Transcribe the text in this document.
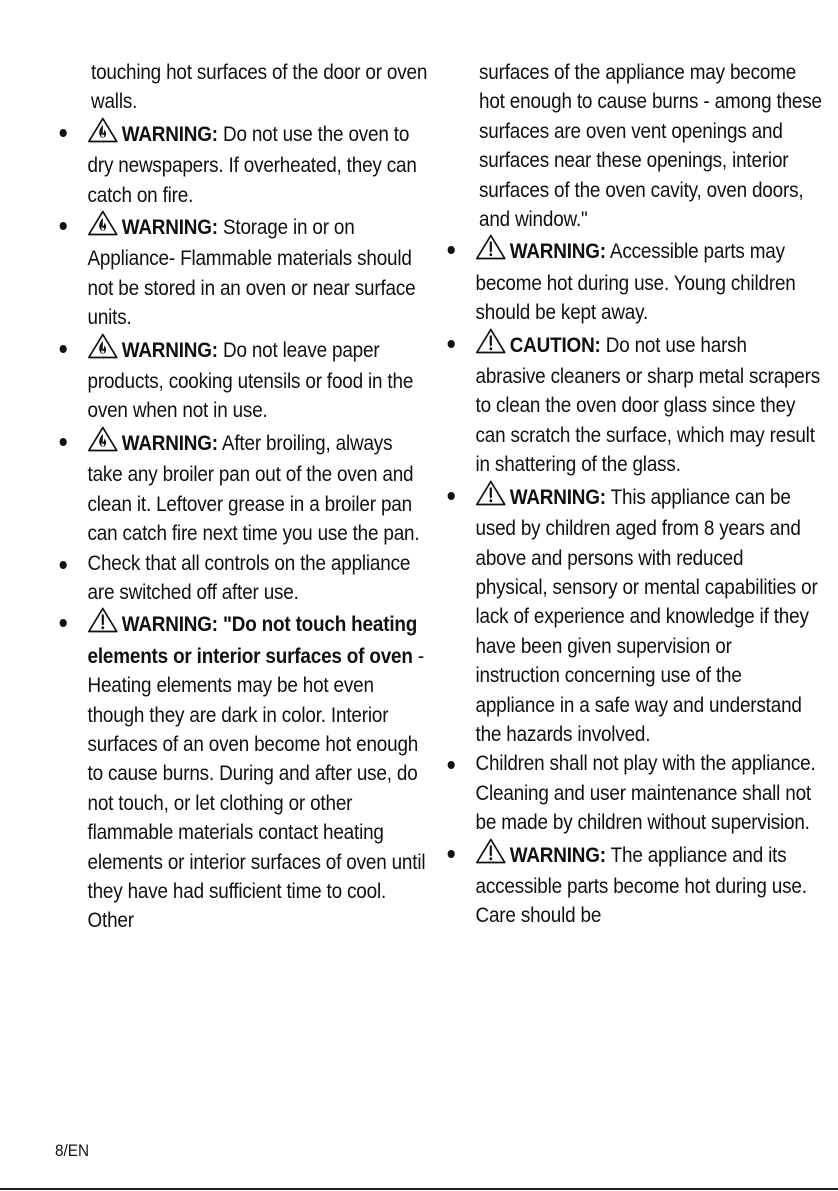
touching hot surfaces of the door or oven walls.
WARNING: Do not use the oven to dry newspapers. If overheated, they can catch on fire.
WARNING: Storage in or on Appliance- Flammable materials should not be stored in an oven or near surface units.
WARNING: Do not leave paper products, cooking utensils or food in the oven when not in use.
WARNING: After broiling, always take any broiler pan out of the oven and clean it. Leftover grease in a broiler pan can catch fire next time you use the pan.
Check that all controls on the appliance are switched off after use.
WARNING: "Do not touch heating elements or interior surfaces of oven - Heating elements may be hot even though they are dark in color. Interior surfaces of an oven become hot enough to cause burns. During and after use, do not touch, or let clothing or other flammable materials contact heating elements or interior surfaces of oven until they have had sufficient time to cool. Other
surfaces of the appliance may become hot enough to cause burns - among these surfaces are oven vent openings and surfaces near these openings, interior surfaces of the oven cavity, oven doors, and window."
WARNING: Accessible parts may become hot during use. Young children should be kept away.
CAUTION: Do not use harsh abrasive cleaners or sharp metal scrapers to clean the oven door glass since they can scratch the surface, which may result in shattering of the glass.
WARNING: This appliance can be used by children aged from 8 years and above and persons with reduced physical, sensory or mental capabilities or lack of experience and knowledge if they have been given supervision or instruction concerning use of the appliance in a safe way and understand the hazards involved.
Children shall not play with the appliance. Cleaning and user maintenance shall not be made by children without supervision.
WARNING: The appliance and its accessible parts become hot during use. Care should be
8/EN
